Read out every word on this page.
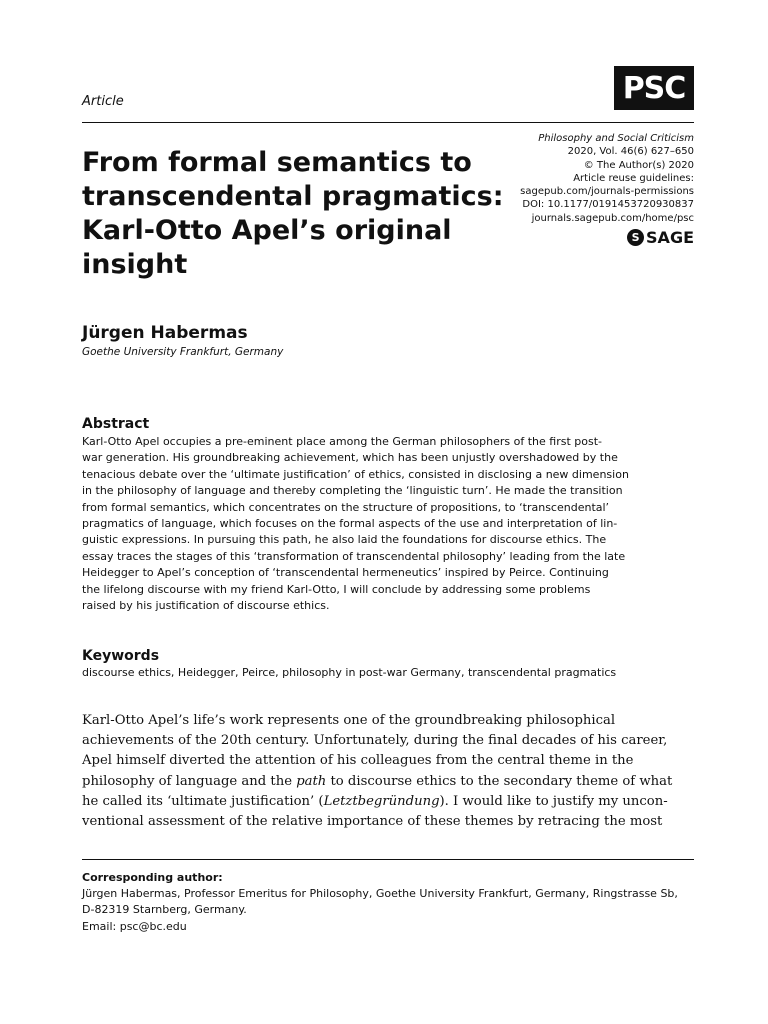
Article	PSC
From formal semantics to
transcendental pragmatics:
Karl-Otto Apel’s original
insight
Philosophy and Social Criticism
2020, Vol. 46(6) 627–650
© The Author(s) 2020
Article reuse guidelines:
sagepub.com/journals-permissions
DOI: 10.1177/0191453720930837
journals.sagepub.com/home/psc
S SAGE
Jürgen Habermas
Goethe University Frankfurt, Germany
Abstract
Karl-Otto Apel occupies a pre-eminent place among the German philosophers of the first post-
war generation. His groundbreaking achievement, which has been unjustly overshadowed by the
tenacious debate over the ‘ultimate justification’ of ethics, consisted in disclosing a new dimension
in the philosophy of language and thereby completing the ‘linguistic turn’. He made the transition
from formal semantics, which concentrates on the structure of propositions, to ‘transcendental’
pragmatics of language, which focuses on the formal aspects of the use and interpretation of lin-
guistic expressions. In pursuing this path, he also laid the foundations for discourse ethics. The
essay traces the stages of this ‘transformation of transcendental philosophy’ leading from the late
Heidegger to Apel’s conception of ‘transcendental hermeneutics’ inspired by Peirce. Continuing
the lifelong discourse with my friend Karl-Otto, I will conclude by addressing some problems
raised by his justification of discourse ethics.
Keywords
discourse ethics, Heidegger, Peirce, philosophy in post-war Germany, transcendental pragmatics
Karl-Otto Apel’s life’s work represents one of the groundbreaking philosophical
achievements of the 20th century. Unfortunately, during the final decades of his career,
Apel himself diverted the attention of his colleagues from the central theme in the
philosophy of language and the path to discourse ethics to the secondary theme of what
he called its ‘ultimate justification’ (Letztbegründung). I would like to justify my uncon-
ventional assessment of the relative importance of these themes by retracing the most
Corresponding author:
Jürgen Habermas, Professor Emeritus for Philosophy, Goethe University Frankfurt, Germany, Ringstrasse Sb,
D-82319 Starnberg, Germany.
Email: psc@bc.edu
